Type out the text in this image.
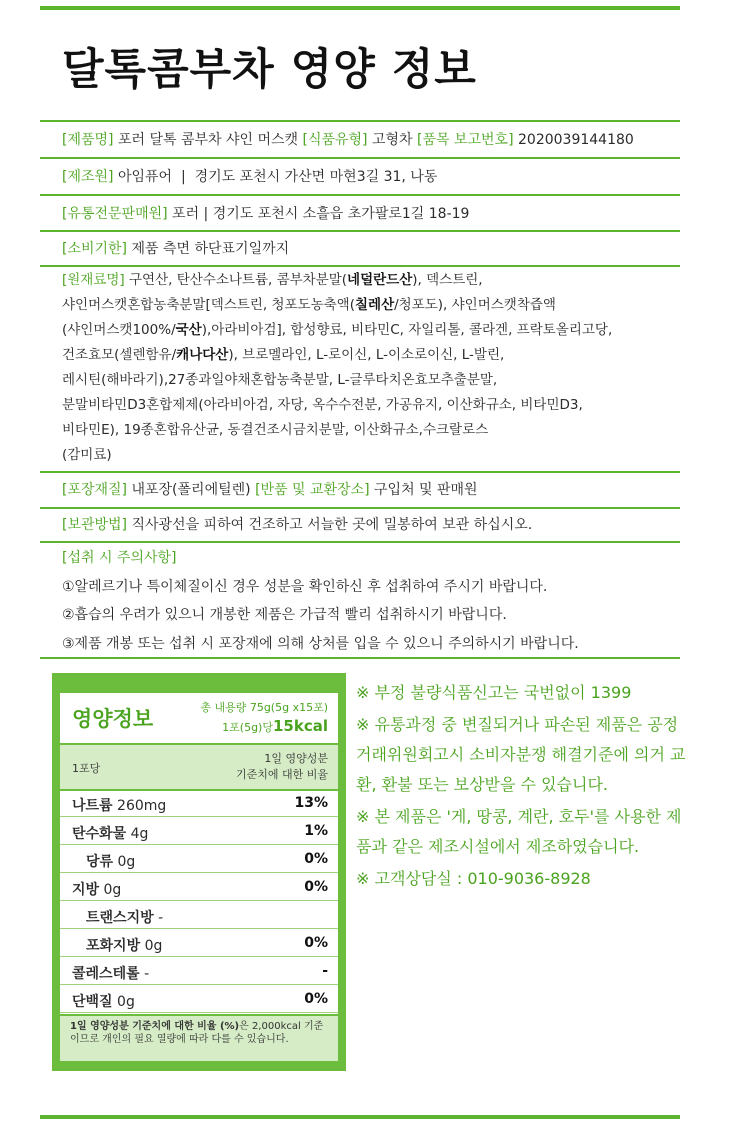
달톡콤부차 영양 정보
[제품명] 포러 달톡 콤부차 샤인 머스캣 [식품유형] 고형차 [품목 보고번호] 2020039144180
[제조원] 아임퓨어 | 경기도 포천시 가산면 마현3길 31, 나동
[유통전문판매원] 포러 | 경기도 포천시 소흘읍 초가팔로1길 18-19
[소비기한] 제품 측면 하단표기일까지
[원재료명] 구연산, 탄산수소나트륨, 콤부차분말(네덜란드산), 덱스트린,
샤인머스캣혼합농축분말[덱스트린, 청포도농축액(칠레산/청포도), 샤인머스캣착즙액
(샤인머스캣100%/국산),아라비아검], 합성향료, 비타민C, 자일리톨, 콜라겐, 프락토올리고당,
건조효모(셀렌함유/캐나다산), 브로멜라인, L-로이신, L-이소로이신, L-발린,
레시틴(해바라기),27종과일야채혼합농축분말, L-글루타치온효모추출분말,
분말비타민D3혼합제제(아라비아검, 자당, 옥수수전분, 가공유지, 이산화규소, 비타민D3,
비타민E), 19종혼합유산균, 동결건조시금치분말, 이산화규소,수크랄로스
(감미료)
[포장재질] 내포장(폴리에틸렌) [반품 및 교환장소] 구입처 및 판매원
[보관방법] 직사광선을 피하여 건조하고 서늘한 곳에 밀봉하여 보관 하십시오.
[섭취 시 주의사항]
①알레르기나 특이체질이신 경우 성분을 확인하신 후 섭취하여 주시기 바랍니다.
②흡습의 우려가 있으니 개봉한 제품은 가급적 빨리 섭취하시기 바랍니다.
③제품 개봉 또는 섭취 시 포장재에 의해 상처를 입을 수 있으니 주의하시기 바랍니다.
영양정보	총 내용량 75g(5g x15포)
1포(5g)당15kcal
1포당
1일 영양성분
기준치에 대한 비율
나트륨 260mg	13%
탄수화물 4g	1%
당류 0g	0%
지방 0g	0%
트랜스지방 -
포화지방 0g	0%
콜레스테롤 -	-
단백질 0g	0%
1일 영양성분 기준치에 대한 비율 (%)은 2,000kcal 기준이므로 개인의 필요 열량에 따라 다를 수 있습니다.

※ 부정 불량식품신고는 국번없이 1399

※ 유통과정 중 변질되거나 파손된 제품은 공정거래위원회고시 소비자분쟁 해결기준에 의거 교환, 환불 또는 보상받을 수 있습니다.

※ 본 제품은 '게, 땅콩, 계란, 호두'를 사용한 제품과 같은 제조시설에서 제조하였습니다.

※ 고객상담실 : 010-9036-8928
